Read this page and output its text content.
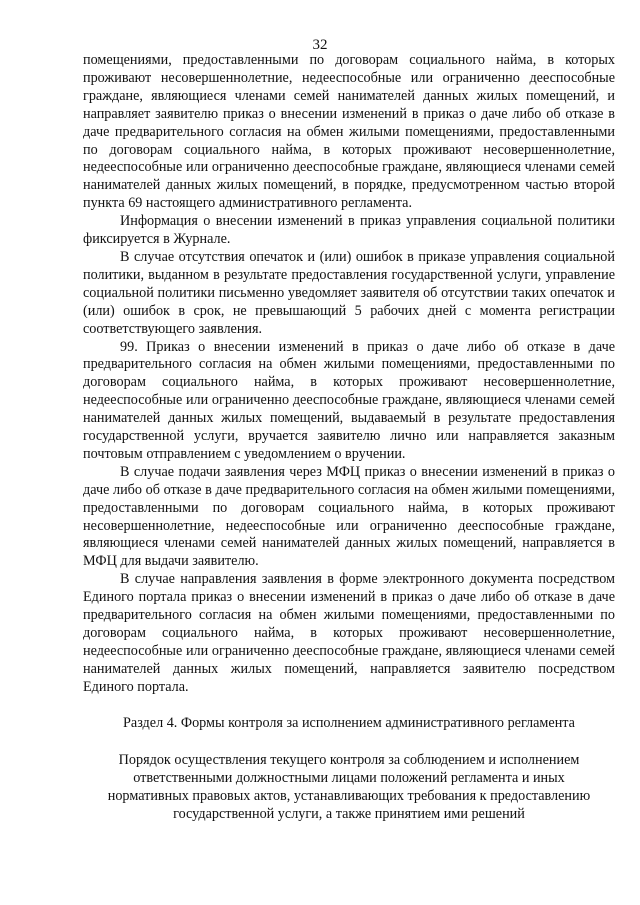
32

помещениями, предоставленными по договорам социального найма, в которых проживают несовершеннолетние, недееспособные или ограниченно дееспособные граждане, являющиеся членами семей нанимателей данных жилых помещений, и направляет заявителю приказ о внесении изменений в приказ о даче либо об отказе в даче предварительного согласия на обмен жилыми помещениями, предоставленными по договорам социального найма, в которых проживают несовершеннолетние, недееспособные или ограниченно дееспособные граждане, являющиеся членами семей нанимателей данных жилых помещений, в порядке, предусмотренном частью второй пункта 69 настоящего административного регламента.

Информация о внесении изменений в приказ управления социальной политики фиксируется в Журнале.

В случае отсутствия опечаток и (или) ошибок в приказе управления социальной политики, выданном в результате предоставления государственной услуги, управление социальной политики письменно уведомляет заявителя об отсутствии таких опечаток и (или) ошибок в срок, не превышающий 5 рабочих дней с момента регистрации соответствующего заявления.

99. Приказ о внесении изменений в приказ о даче либо об отказе в даче предварительного согласия на обмен жилыми помещениями, предоставленными по договорам социального найма, в которых проживают несовершеннолетние, недееспособные или ограниченно дееспособные граждане, являющиеся членами семей нанимателей данных жилых помещений, выдаваемый в результате предоставления государственной услуги, вручается заявителю лично или направляется заказным почтовым отправлением с уведомлением о вручении.

В случае подачи заявления через МФЦ приказ о внесении изменений в приказ о даче либо об отказе в даче предварительного согласия на обмен жилыми помещениями, предоставленными по договорам социального найма, в которых проживают несовершеннолетние, недееспособные или ограниченно дееспособные граждане, являющиеся членами семей нанимателей данных жилых помещений, направляется в МФЦ для выдачи заявителю.

В случае направления заявления в форме электронного документа посредством Единого портала приказ о внесении изменений в приказ о даче либо об отказе в даче предварительного согласия на обмен жилыми помещениями, предоставленными по договорам социального найма, в которых проживают несовершеннолетние, недееспособные или ограниченно дееспособные граждане, являющиеся членами семей нанимателей данных жилых помещений, направляется заявителю посредством Единого портала.

Раздел 4. Формы контроля за исполнением административного регламента
Порядок осуществления текущего контроля за соблюдением и исполнением
ответственными должностными лицами положений регламента и иных
нормативных правовых актов, устанавливающих требования к предоставлению
государственной услуги, а также принятием ими решений
